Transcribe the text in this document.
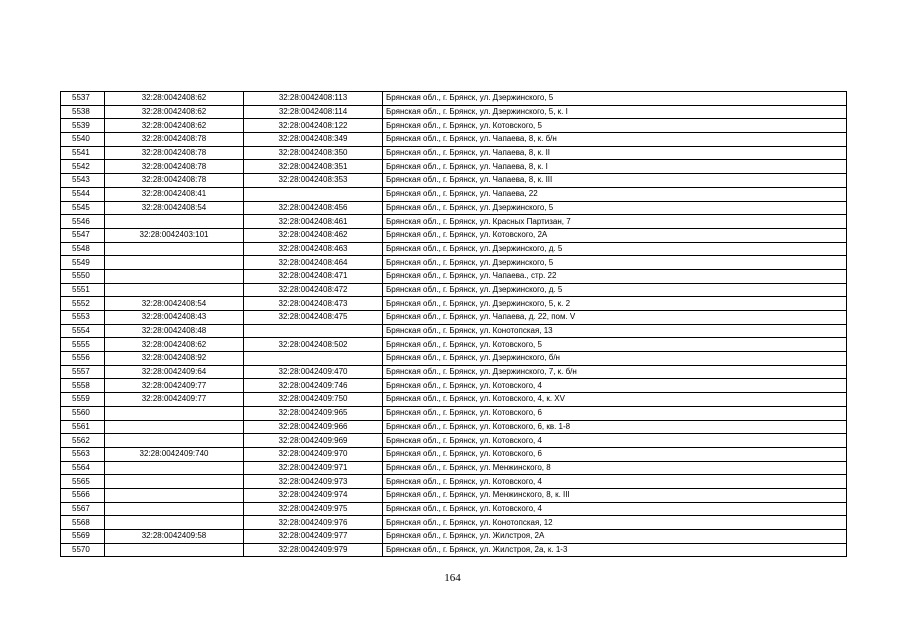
5537	32:28:0042408:62	32:28:0042408:113	Брянская обл., г. Брянск, ул. Дзержинского, 5
5538	32:28:0042408:62	32:28:0042408:114	Брянская обл., г. Брянск, ул. Дзержинского, 5, к. I
5539	32:28:0042408:62	32:28:0042408:122	Брянская обл., г. Брянск, ул. Котовского, 5
5540	32:28:0042408:78	32:28:0042408:349	Брянская обл., г. Брянск, ул. Чапаева, 8, к. б/н
5541	32:28:0042408:78	32:28:0042408:350	Брянская обл., г. Брянск, ул. Чапаева, 8, к. II
5542	32:28:0042408:78	32:28:0042408:351	Брянская обл., г. Брянск, ул. Чапаева, 8, к. I
5543	32:28:0042408:78	32:28:0042408:353	Брянская обл., г. Брянск, ул. Чапаева, 8, к. III
5544	32:28:0042408:41		Брянская обл., г. Брянск, ул. Чапаева, 22
5545	32:28:0042408:54	32:28:0042408:456	Брянская обл., г. Брянск, ул. Дзержинского, 5
5546		32:28:0042408:461	Брянская обл., г. Брянск, ул. Красных Партизан, 7
5547	32:28:0042403:101	32:28:0042408:462	Брянская обл., г. Брянск, ул. Котовского, 2А
5548		32:28:0042408:463	Брянская обл., г. Брянск, ул. Дзержинского, д. 5
5549		32:28:0042408:464	Брянская обл., г. Брянск, ул. Дзержинского, 5
5550		32:28:0042408:471	Брянская обл., г. Брянск, ул. Чапаева., стр. 22
5551		32:28:0042408:472	Брянская обл., г. Брянск, ул. Дзержинского, д. 5
5552	32:28:0042408:54	32:28:0042408:473	Брянская обл., г. Брянск, ул. Дзержинского, 5, к. 2
5553	32:28:0042408:43	32:28:0042408:475	Брянская обл., г. Брянск, ул. Чапаева, д. 22, пом. V
5554	32:28:0042408:48		Брянская обл., г. Брянск, ул. Конотопская, 13
5555	32:28:0042408:62	32:28:0042408:502	Брянская обл., г. Брянск, ул. Котовского, 5
5556	32:28:0042408:92		Брянская обл., г. Брянск, ул. Дзержинского, б/н
5557	32:28:0042409:64	32:28:0042409:470	Брянская обл., г. Брянск, ул. Дзержинского, 7, к. б/н
5558	32:28:0042409:77	32:28:0042409:746	Брянская обл., г. Брянск, ул. Котовского, 4
5559	32:28:0042409:77	32:28:0042409:750	Брянская обл., г. Брянск, ул. Котовского, 4, к. XV
5560		32:28:0042409:965	Брянская обл., г. Брянск, ул. Котовского, 6
5561		32:28:0042409:966	Брянская обл., г. Брянск, ул. Котовского, 6, кв. 1-8
5562		32:28:0042409:969	Брянская обл., г. Брянск, ул. Котовского, 4
5563	32:28:0042409:740	32:28:0042409:970	Брянская обл., г. Брянск, ул. Котовского, 6
5564		32:28:0042409:971	Брянская обл., г. Брянск, ул. Менжинского, 8
5565		32:28:0042409:973	Брянская обл., г. Брянск, ул. Котовского, 4
5566		32:28:0042409:974	Брянская обл., г. Брянск, ул. Менжинского, 8, к. III
5567		32:28:0042409:975	Брянская обл., г. Брянск, ул. Котовского, 4
5568		32:28:0042409:976	Брянская обл., г. Брянск, ул. Конотопская, 12
5569	32:28:0042409:58	32:28:0042409:977	Брянская обл., г. Брянск, ул. Жилстроя, 2А
5570		32:28:0042409:979	Брянская обл., г. Брянск, ул. Жилстроя, 2а, к. 1-3
164
